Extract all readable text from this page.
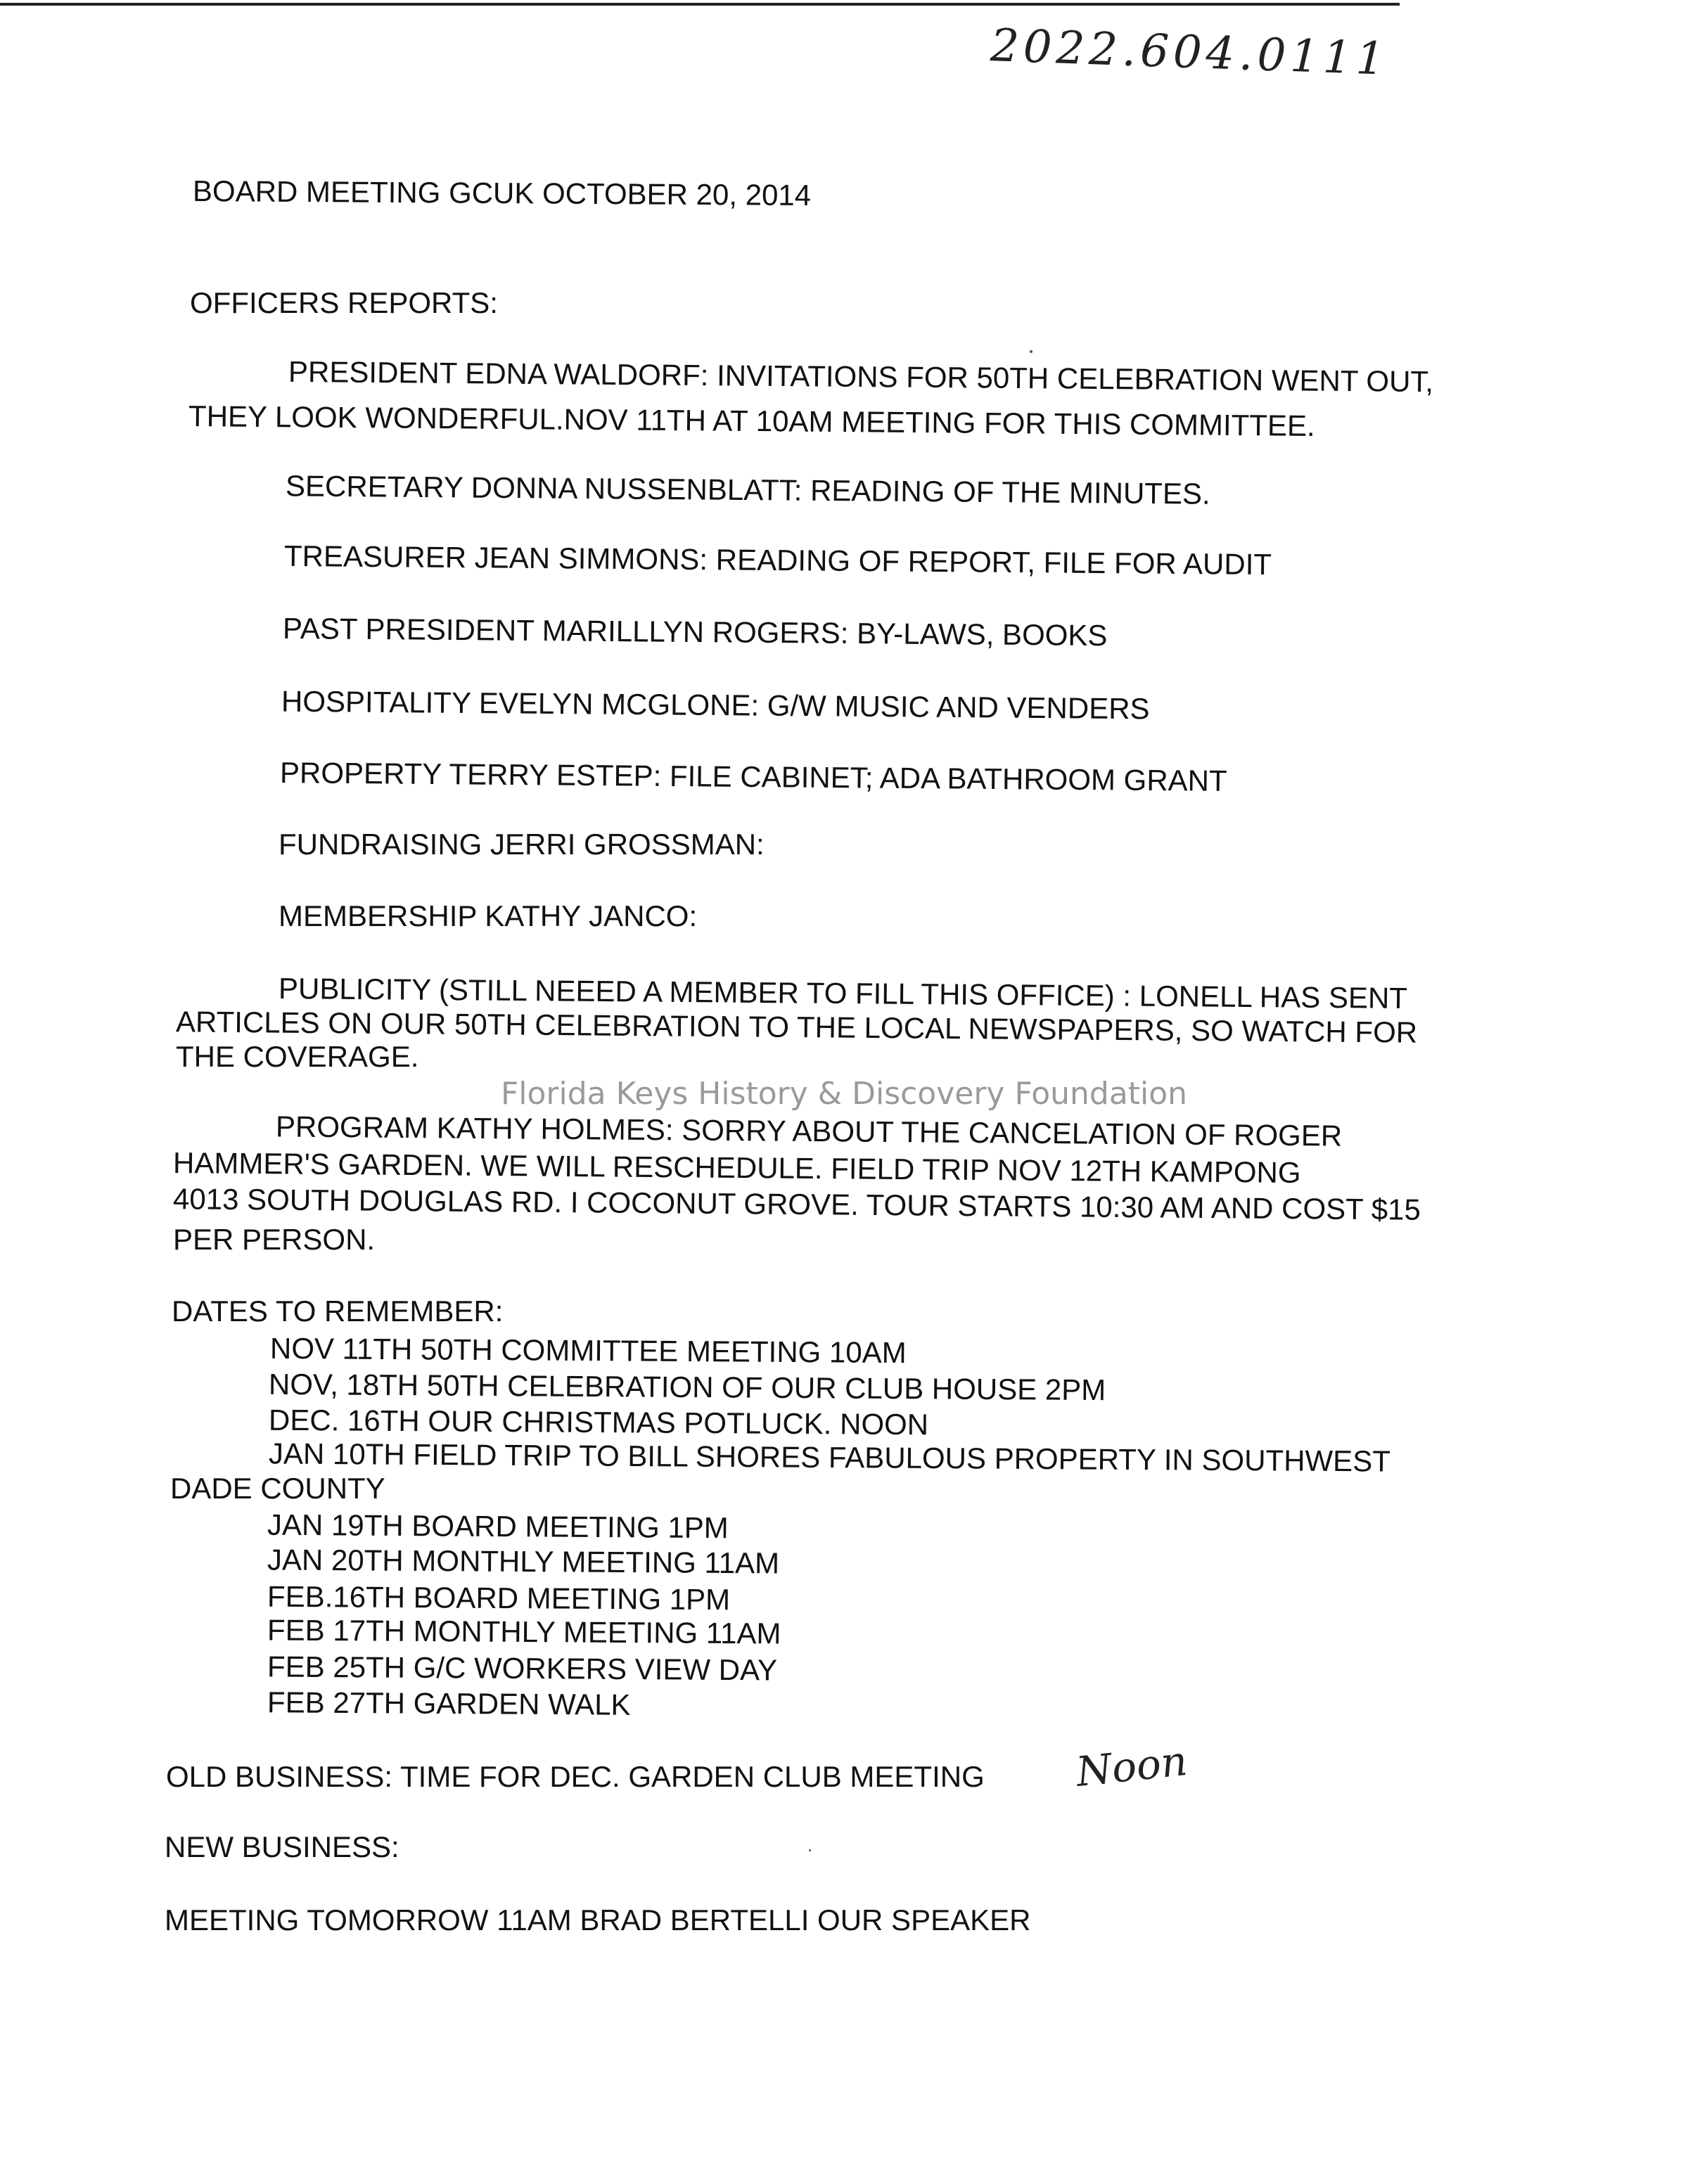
2022.604.0111
BOARD MEETING GCUK OCTOBER 20, 2014
OFFICERS REPORTS:
PRESIDENT EDNA WALDORF: INVITATIONS FOR 50TH CELEBRATION WENT OUT,
THEY LOOK WONDERFUL.NOV 11TH AT 10AM MEETING FOR THIS COMMITTEE.
SECRETARY DONNA NUSSENBLATT: READING OF THE MINUTES.
TREASURER JEAN SIMMONS: READING OF REPORT, FILE FOR AUDIT
PAST PRESIDENT MARILLLYN ROGERS: BY-LAWS, BOOKS
HOSPITALITY EVELYN MCGLONE: G/W MUSIC AND VENDERS
PROPERTY TERRY ESTEP: FILE CABINET; ADA BATHROOM GRANT
FUNDRAISING JERRI GROSSMAN:
MEMBERSHIP KATHY JANCO:
PUBLICITY (STILL NEEED A MEMBER TO FILL THIS OFFICE) : LONELL HAS SENT
ARTICLES ON OUR 50TH CELEBRATION TO THE LOCAL NEWSPAPERS, SO WATCH FOR
THE COVERAGE.
Florida Keys History & Discovery Foundation
PROGRAM KATHY HOLMES: SORRY ABOUT THE CANCELATION OF ROGER
HAMMER'S GARDEN. WE WILL RESCHEDULE. FIELD TRIP NOV 12TH KAMPONG
4013 SOUTH DOUGLAS RD. I COCONUT GROVE. TOUR STARTS 10:30 AM AND COST $15
PER PERSON.
DATES TO REMEMBER:
NOV 11TH 50TH COMMITTEE MEETING 10AM
NOV, 18TH 50TH CELEBRATION OF OUR CLUB HOUSE 2PM
DEC. 16TH OUR CHRISTMAS POTLUCK. NOON
JAN 10TH FIELD TRIP TO BILL SHORES FABULOUS PROPERTY IN SOUTHWEST
DADE COUNTY
JAN 19TH BOARD MEETING 1PM
JAN 20TH MONTHLY MEETING 11AM
FEB.16TH BOARD MEETING 1PM
FEB 17TH MONTHLY MEETING 11AM
FEB 25TH G/C WORKERS VIEW DAY
FEB 27TH GARDEN WALK
OLD BUSINESS: TIME FOR DEC. GARDEN CLUB MEETING Noon
NEW BUSINESS:
MEETING TOMORROW 11AM BRAD BERTELLI OUR SPEAKER
